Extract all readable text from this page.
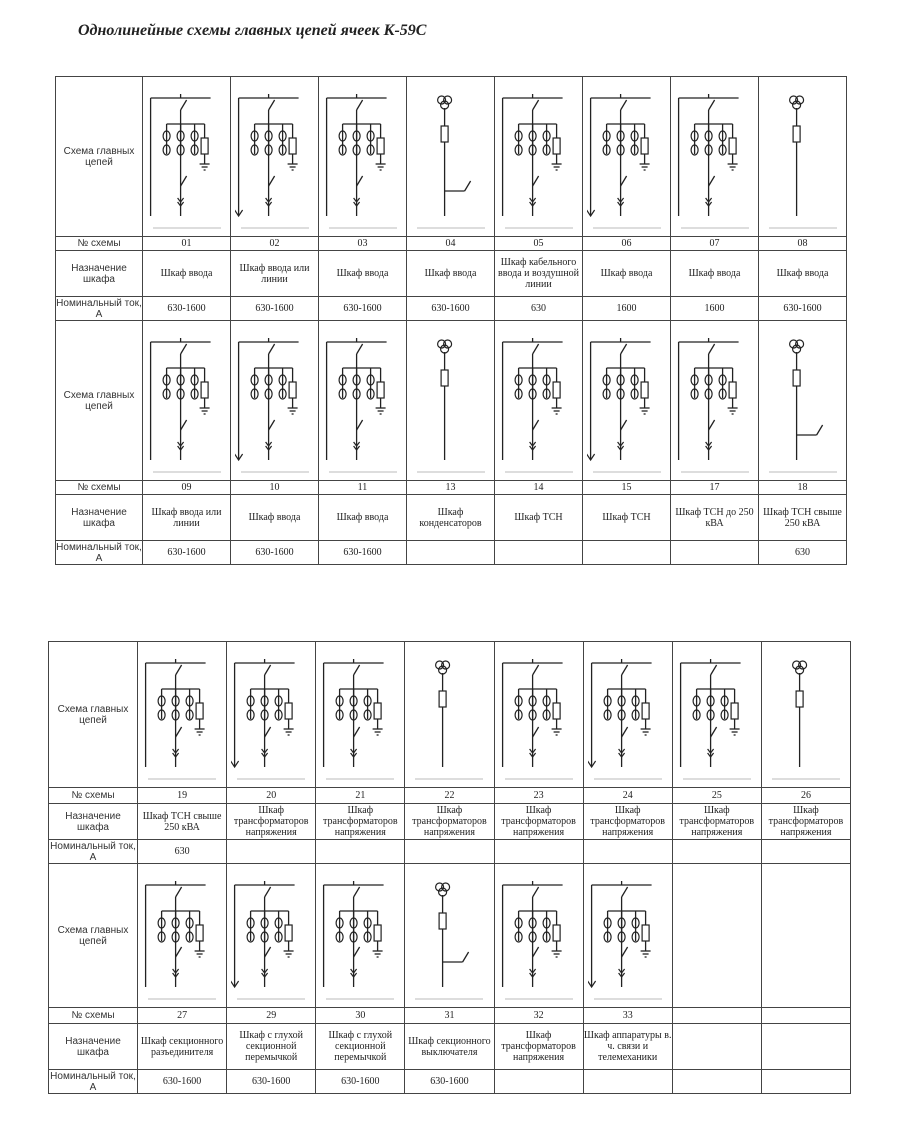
Однолинейные схемы главных цепей ячеек К-59С
Схема главных цепей	

№ схемы	01	02	03	04	05	06	07	08
Назначение шкафа	Шкаф ввода	Шкаф ввода или линии	Шкаф ввода	Шкаф ввода	Шкаф кабельного ввода и воздушной линии	Шкаф ввода	Шкаф ввода	Шкаф ввода
Номинальный ток, А	630-1600	630-1600	630-1600	630-1600	630	1600	1600	630-1600
Схема главных цепей	

№ схемы	09	10	11	13	14	15	17	18
Назначение шкафа	Шкаф ввода или линии	Шкаф ввода	Шкаф ввода	Шкаф конденсаторов	Шкаф ТСН	Шкаф ТСН	Шкаф ТСН до 250 кВА	Шкаф ТСН свыше 250 кВА
Номинальный ток, А	630-1600	630-1600	630-1600					630
Схема главных цепей	

№ схемы	19	20	21	22	23	24	25	26
Назначение шкафа	Шкаф ТСН свыше 250 кВА	Шкаф трансформаторов напряжения	Шкаф трансформаторов напряжения	Шкаф трансформаторов напряжения	Шкаф трансформаторов напряжения	Шкаф трансформаторов напряжения	Шкаф трансформаторов напряжения	Шкаф трансформаторов напряжения
Номинальный ток, А	630							
Схема главных цепей	

№ схемы	27	29	30	31	32	33		
Назначение шкафа	Шкаф секционного разъединителя	Шкаф с глухой секционной перемычкой	Шкаф с глухой секционной перемычкой	Шкаф секционного выключателя	Шкаф трансформаторов напряжения	Шкаф аппаратуры в. ч. связи и телемеханики		
Номинальный ток, А	630-1600	630-1600	630-1600	630-1600				
